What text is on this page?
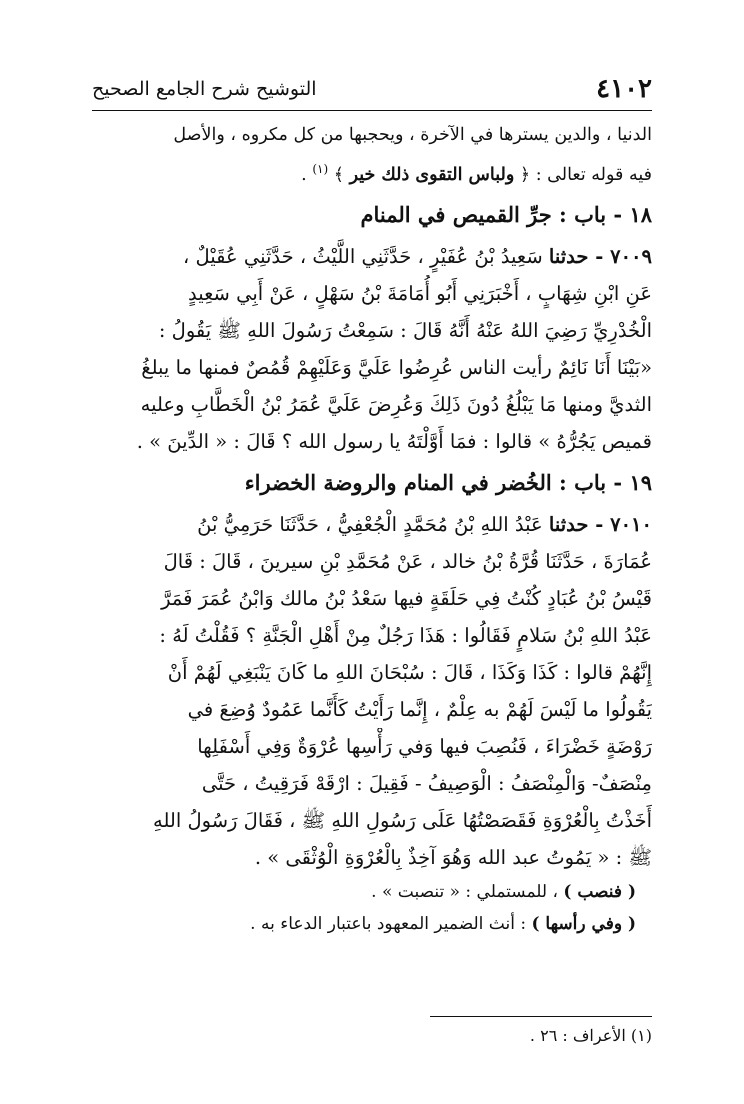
٤١٠٢
التوشيح شرح الجامع الصحيح
الدنيا ، والدين يسترها في الآخرة ، ويحجبها من كل مكروه ، والأصل
فيه قوله تعالى : ﴿ ولباس التقوى ذلك خير ﴾ $^{(١)}$ .
١٨ - باب : جرِّ القميص في المنام
٧٠٠٩ - حدثنا سَعِيدُ بْنُ عُفَيْرٍ ، حَدَّثَنِي اللَّيْثُ ، حَدَّثَنِي عُقَيْلٌ ،
عَنِ ابْنِ شِهَابٍ ، أَخْبَرَنِي أَبُو أُمَامَةَ بْنُ سَهْلٍ ، عَنْ أَبِي سَعِيدٍ
الْخُدْرِيِّ رَضِيَ اللهُ عَنْهُ أَنَّهُ قَالَ : سَمِعْتُ رَسُولَ اللهِ ﷺ يَقُولُ :
«بَيْنَا أَنَا نَائِمٌ رأيت الناس عُرِضُوا عَلَيَّ وَعَلَيْهِمْ قُمُصٌ فمنها ما يبلغُ
الثديَّ ومنها مَا يَبْلُغُ دُونَ ذَلِكَ وَعُرِضَ عَلَيَّ عُمَرُ بْنُ الْخَطَّابِ وعليه
قميص يَجُرُّهُ » قالوا : فمَا أَوَّلْتَهُ يا رسول الله ؟ قَالَ : « الدِّينَ » .
١٩ - باب : الخُضر في المنام والروضة الخضراء
٧٠١٠ - حدثنا عَبْدُ اللهِ بْنُ مُحَمَّدٍ الْجُعْفِيُّ ، حَدَّثَنَا حَرَمِيُّ بْنُ
عُمَارَةَ ، حَدَّثَنَا قُرَّةُ بْنُ خالد ، عَنْ مُحَمَّدِ بْنِ سيرينَ ، قَالَ : قَالَ
قَيْسُ بْنُ عُبَادٍ كُنْتُ فِي حَلَقَةٍ فيها سَعْدُ بْنُ مالك وَابْنُ عُمَرَ فَمَرَّ
عَبْدُ اللهِ بْنُ سَلامٍ فَقَالُوا : هَذَا رَجُلٌ مِنْ أَهْلِ الْجَنَّةِ ؟ فَقُلْتُ لَهُ :
إِنَّهُمْ قالوا : كَذَا وَكَذَا ، قَالَ : سُبْحَانَ اللهِ ما كَانَ يَنْبَغِي لَهُمْ أَنْ
يَقُولُوا ما لَيْسَ لَهُمْ به عِلْمٌ ، إِنَّما رَأَيْتُ كَأَنَّما عَمُودٌ وُضِعَ في
رَوْضَةٍ خَضْرَاءَ ، فَنُصِبَ فيها وَفي رَأْسِها عُرْوَةٌ وَفِي أَسْفَلِها
مِنْصَفٌ- وَالْمِنْصَفُ : الْوَصِيفُ - فَقِيلَ : ارْقَهْ فَرَقِيتُ ، حَتَّى
أَخَذْتُ بِالْعُرْوَةِ فَقَصَصْتُهُا عَلَى رَسُولِ اللهِ ﷺ ، فَقَالَ رَسُولُ اللهِ
ﷺ : « يَمُوتُ عبد الله وَهُوَ آخِذٌ بِالْعُرْوَةِ الْوُثْقَى » .
( فنصب ) ، للمستملي : « تنصبت » .
( وفي رأسها ) : أنث الضمير المعهود باعتبار الدعاء به .
(١) الأعراف : ٢٦ .
